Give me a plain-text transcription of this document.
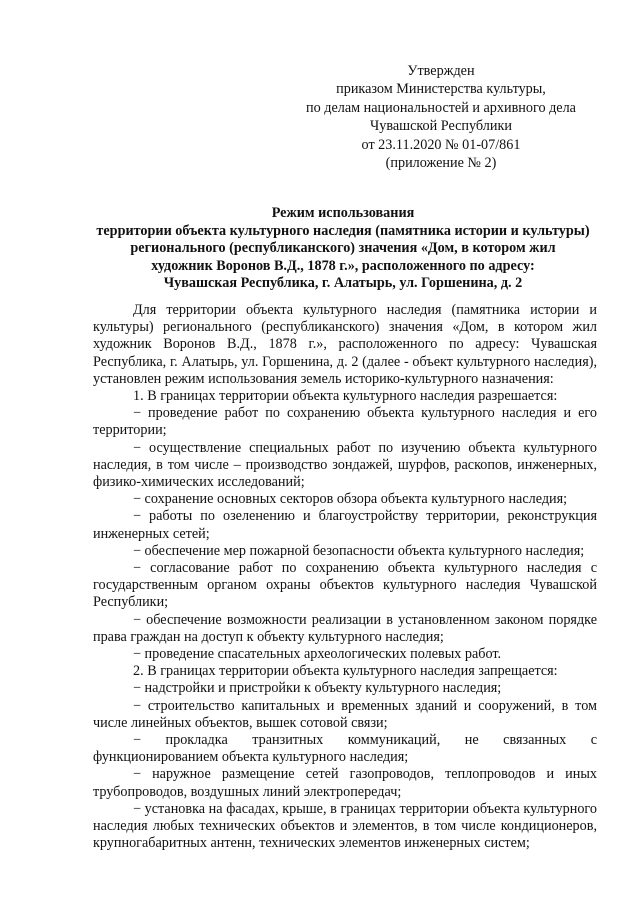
Утвержден
приказом Министерства культуры,
по делам национальностей и архивного дела
Чувашской Республики
от 23.11.2020 № 01-07/861
(приложение № 2)
Режим использования
территории объекта культурного наследия (памятника истории и культуры)
регионального (республиканского) значения «Дом, в котором жил
художник Воронов В.Д., 1878 г.», расположенного по адресу:
Чувашская Республика, г. Алатырь, ул. Горшенина, д. 2

Для территории объекта культурного наследия (памятника истории и культуры) регионального (республиканского) значения «Дом, в котором жил художник Воронов В.Д., 1878 г.», расположенного по адресу: Чувашская Республика, г. Алатырь, ул. Горшенина, д. 2 (далее - объект культурного наследия), установлен режим использования земель историко-культурного назначения:

1. В границах территории объекта культурного наследия разрешается:

− проведение работ по сохранению объекта культурного наследия и его территории;

− осуществление специальных работ по изучению объекта культурного наследия, в том числе – производство зондажей, шурфов, раскопов, инженерных, физико-химических исследований;

− сохранение основных секторов обзора объекта культурного наследия;

− работы по озеленению и благоустройству территории, реконструкция инженерных сетей;

− обеспечение мер пожарной безопасности объекта культурного наследия;

− согласование работ по сохранению объекта культурного наследия с государственным органом охраны объектов культурного наследия Чувашской Республики;

− обеспечение возможности реализации в установленном законом порядке права граждан на доступ к объекту культурного наследия;

− проведение спасательных археологических полевых работ.

2. В границах территории объекта культурного наследия запрещается:

− надстройки и пристройки к объекту культурного наследия;

− строительство капитальных и временных зданий и сооружений, в том числе линейных объектов, вышек сотовой связи;

− прокладка транзитных коммуникаций, не связанных с функционированием объекта культурного наследия;

− наружное размещение сетей газопроводов, теплопроводов и иных трубопроводов, воздушных линий электропередач;

− установка на фасадах, крыше, в границах территории объекта культурного наследия любых технических объектов и элементов, в том числе кондиционеров, крупногабаритных антенн, технических элементов инженерных систем;
